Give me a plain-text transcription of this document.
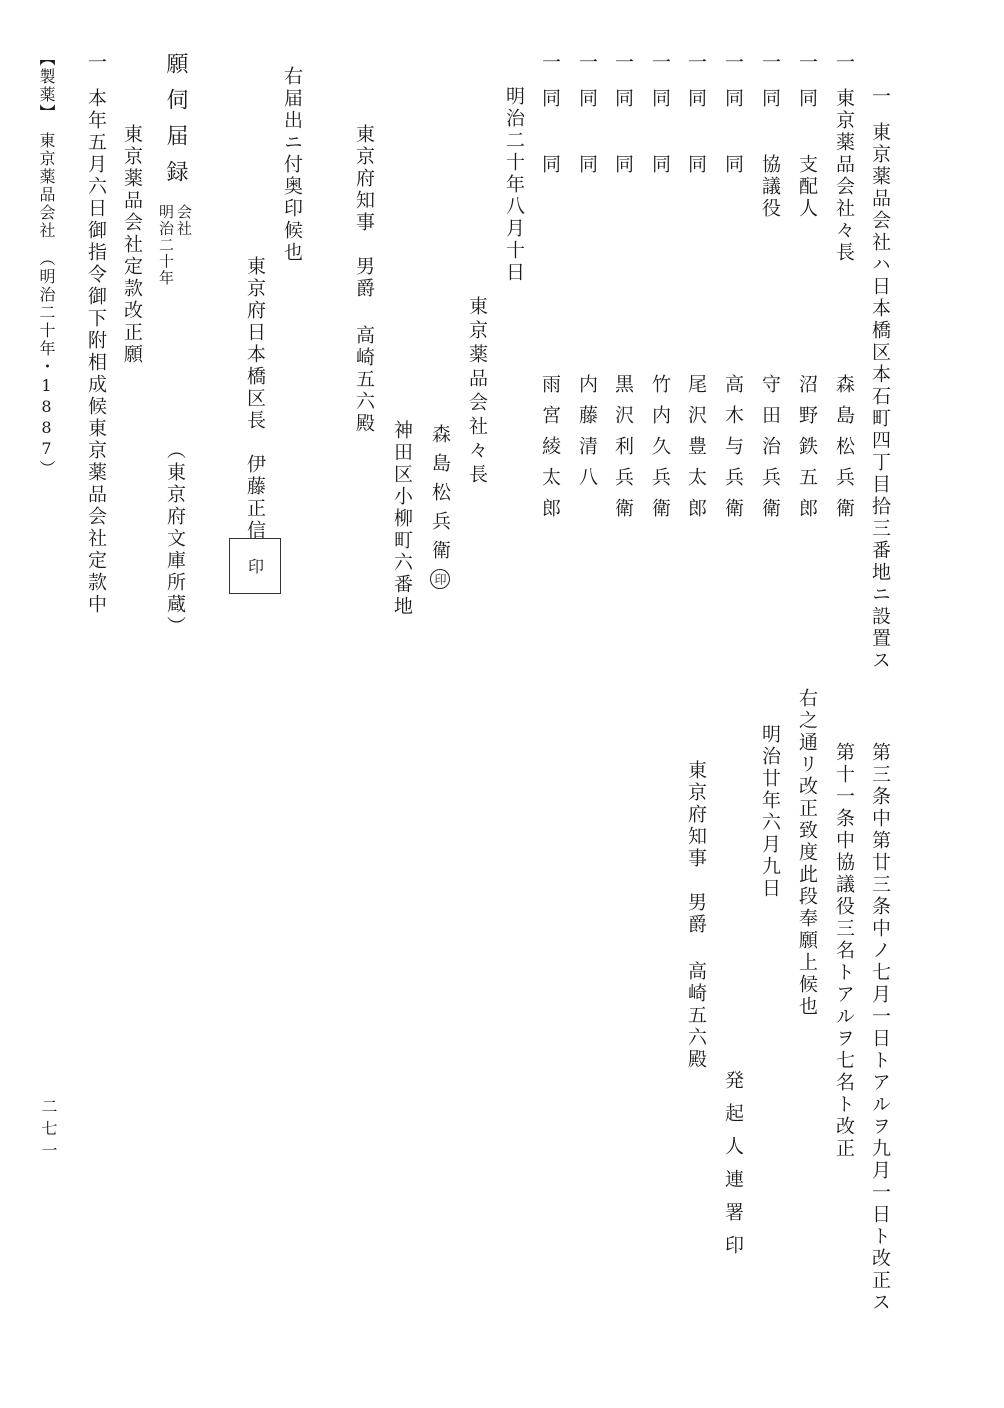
一東京薬品会社ハ日本橋区本石町四丁目拾三番地ニ設置ス
一東京薬品会社々長
森島松兵衛
一同　　支配人
沼野鉄五郎
一同　　協議役
守田治兵衛
一同　　同
高木与兵衛
一同　　同
尾沢豊太郎
一同　　同
竹内久兵衛
一同　　同
黒沢利兵衛
一同　　同
内藤清八
一同　　同
雨宮綾太郎
明治二十年八月十日
東京薬品会社々長
森島松兵衛印
神田区小柳町六番地
東京府知事　男爵 高崎五六殿
右届出ニ付奥印候也
東京府日本橋区長　伊藤正信
印
願伺届録
会社
明治二十年
（東京府文庫所蔵）
東京薬品会社定款改正願
一本年五月六日御指令御下附相成候東京薬品会社定款中
【製薬】　東京薬品会社　（明治二十年・1887）
第三条中第廿三条中ノ七月一日トアルヲ九月一日ト改正ス
第十一条中協議役三名トアルヲ七名ト改正
右之通リ改正致度此段奉願上候也
明治廿年六月九日
東京府知事　男爵 高崎五六殿
発起人連署印
二七一
